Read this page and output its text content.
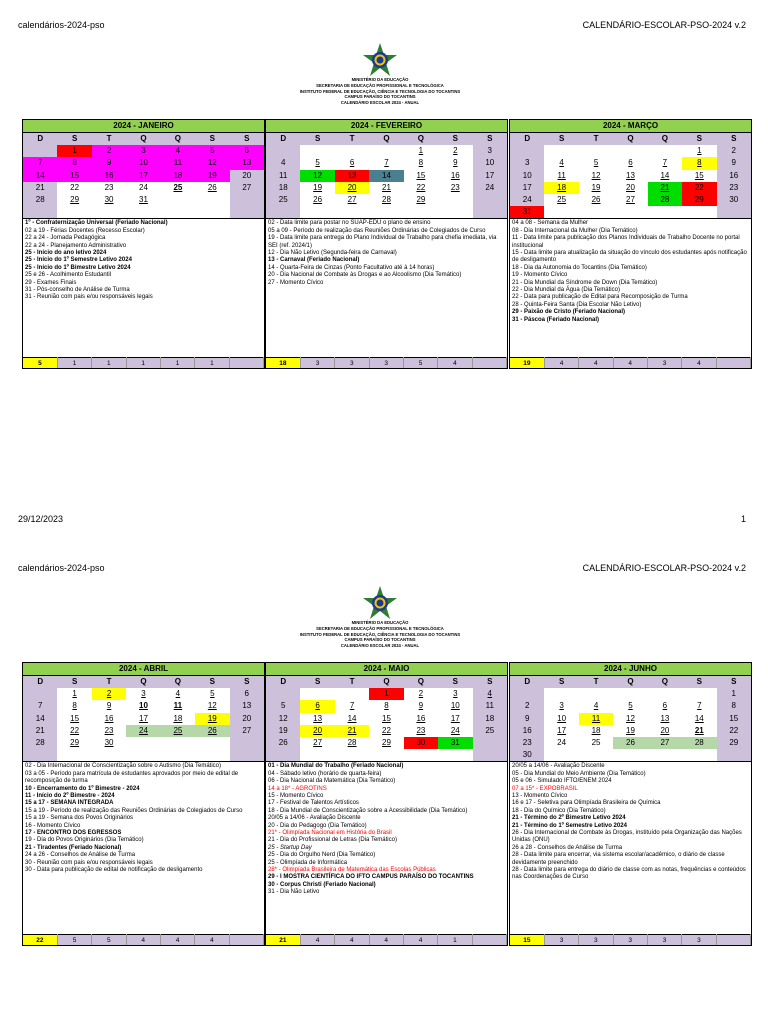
calendários-2024-pso	CALENDÁRIO-ESCOLAR-PSO-2024 v.2
MINISTÉRIO DA EDUCAÇÃO
SECRETARIA DE EDUCAÇÃO PROFISSIONAL E TECNOLÓGICA
INSTITUTO FEDERAL DE EDUCAÇÃO, CIÊNCIA E TECNOLOGIA DO TOCANTINS
CAMPUS PARAÍSO DO TOCANTINS
CALENDÁRIO ESCOLAR 2024 - ANUAL
2024 - JANEIRO
D	S	T	Q	Q	S	S
	1	2	3	4	5	6
7	8	9	10	11	12	13
14	15	16	17	18	19	20
21	22	23	24	25	26	27
28	29	30	31			

1º - Confraternização Universal (Feriado Nacional)
02 a 19 - Férias Docentes (Recesso Escolar)
22 a 24 - Jornada Pedagógica
22 a 24 - Planejamento Administrativo
25 - Início do ano letivo 2024
25 - Início do 1º Semestre Letivo 2024
25 - Início do 1º Bimestre Letivo 2024
25 e 26 - Acolhimento Estudantil
29 - Exames Finais
31 - Pós-conselho de Análise de Turma
31 - Reunião com pais e/ou responsáveis legais
5	1	1	1	1	1	
2024 - FEVEREIRO
D	S	T	Q	Q	S	S
				1	2	3
4	5	6	7	8	9	10
11	12	13	14	15	16	17
18	19	20	21	22	23	24
25	26	27	28	29		

02 - Data limite para postar no SUAP-EDU o plano de ensino
05 a 09 - Período de realização das Reuniões Ordinárias de Colegiados de Curso
19 - Data limite para entrega do Plano Individual de Trabalho para chefia imediata, via SEI (ref. 2024/1)
12 - Dia Não Letivo (Segunda-feira de Carnaval)
13 - Carnaval (Feriado Nacional)
14 - Quarta-Feira de Cinzas (Ponto Facultativo até à 14 horas)
20 - Dia Nacional de Combate às Drogas e ao Alcoolismo (Dia Temático)
27 - Momento Cívico
18	3	3	3	5	4	
2024 - MARÇO
D	S	T	Q	Q	S	S
					1	2
3	4	5	6	7	8	9
10	11	12	13	14	15	16
17	18	19	20	21	22	23
24	25	26	27	28	29	30
31						
04 a 08 - Semana da Mulher
08 - Dia Internacional da Mulher (Dia Temático)
11 - Data limite para publicação dos Planos Individuais de Trabalho Docente no portal institucional
15 - Data limite para atualização da situação do vínculo dos estudantes após notificação de desligamento
18 - Dia da Autonomia do Tocantins (Dia Temático)
19 - Momento Cívico
21 - Dia Mundial da Síndrome de Down (Dia Temático)
22 - Dia Mundial da Água (Dia Temático)
22 - Data para publicação de Edital para Recomposição de Turma
28 - Quinta-Feira Santa (Dia Escolar Não Letivo)
29 - Paixão de Cristo (Feriado Nacional)
31 - Páscoa (Feriado Nacional)
19	4	4	4	3	4	
29/12/2023	1
calendários-2024-pso	CALENDÁRIO-ESCOLAR-PSO-2024 v.2
MINISTÉRIO DA EDUCAÇÃO
SECRETARIA DE EDUCAÇÃO PROFISSIONAL E TECNOLÓGICA
INSTITUTO FEDERAL DE EDUCAÇÃO, CIÊNCIA E TECNOLOGIA DO TOCANTINS
CAMPUS PARAÍSO DO TOCANTINS
CALENDÁRIO ESCOLAR 2024 - ANUAL
2024 - ABRIL
D	S	T	Q	Q	S	S
	1	2	3	4	5	6
7	8	9	10	11	12	13
14	15	16	17	18	19	20
21	22	23	24	25	26	27
28	29	30				

02 - Dia Internacional de Conscientização sobre o Autismo (Dia Temático)
03 a 05 - Período para matrícula de estudantes aprovados por meio de edital de recomposição de turma
10 - Encerramento do 1º Bimestre - 2024
11 - Início do 2º Bimestre - 2024
15 a 17 - SEMANA INTEGRADA
15 a 19 - Período de realização das Reuniões Ordinárias de Colegiados de Curso
15 a 19 - Semana dos Povos Originários
16 - Momento Cívico
17 - ENCONTRO DOS EGRESSOS
19 - Dia do Povos Originários (Dia Temático)
21 - Tiradentes (Feriado Nacional)
24 a 26 - Conselhos de Análise de Turma
30 - Reunião com pais e/ou responsáveis legais
30 - Data para publicação de edital de notificação de desligamento
22	5	5	4	4	4	
2024 - MAIO
D	S	T	Q	Q	S	S
			1	2	3	4
5	6	7	8	9	10	11
12	13	14	15	16	17	18
19	20	21	22	23	24	25
26	27	28	29	30	31	

01 - Dia Mundial do Trabalho (Feriado Nacional)
04 - Sábado letivo (horário de quarta-feira)
06 - Dia Nacional da Matemática (Dia Temático)
14 a 18* - AGROTINS
15 - Momento Cívico
17 - Festival de Talentos Artísticos
18 - Dia Mundial de Conscientização sobre a Acessibilidade (Dia Temático)
20/05 a 14/06 - Avaliação Discente
20 - Dia do Pedagogo (Dia Temático)
21* - Olimpíada Nacional em História do Brasil
21 - Dia do Profissional de Letras (Dia Temático)
25 - Startup Day
25 - Dia do Orgulho Nerd (Dia Temático)
25 - Olimpíada de Informática
28* - Olimpíada Brasileira de Matemática das Escolas Públicas
29 - I MOSTRA CIENTÍFICA DO IFTO CAMPUS PARAÍSO DO TOCANTINS
30 - Corpus Christi (Feriado Nacional)
31 - Dia Não Letivo
21	4	4	4	4	1	
2024 - JUNHO
D	S	T	Q	Q	S	S
						1
2	3	4	5	6	7	8
9	10	11	12	13	14	15
16	17	18	19	20	21	22
23	24	25	26	27	28	29
30						
20/05 a 14/06 - Avaliação Discente
05 - Dia Mundial do Meio Ambiente (Dia Temático)
05 e 06 - Simulado IFTO/ENEM 2024
07 a 15* - EXPOBRASIL
13 - Momento Cívico
16 e 17 - Seletiva para Olimpíada Brasileira de Química
18 - Dia do Químico (Dia Temático)
21 - Término do 2º Bimestre Letivo 2024
21 - Término do 1º Semestre Letivo 2024
26 - Dia Internacional de Combate às Drogas, instituído pela Organização das Nações Unidas (ONU)
26 a 28 - Conselhos de Análise de Turma
28 - Data limite para encerrar, via sistema escolar/acadêmico, o diário de classe devidamente preenchido
28 - Data limite para entrega do diário de classe com as notas, frequências e conteúdos nas Coordenações de Curso
15	3	3	3	3	3	
